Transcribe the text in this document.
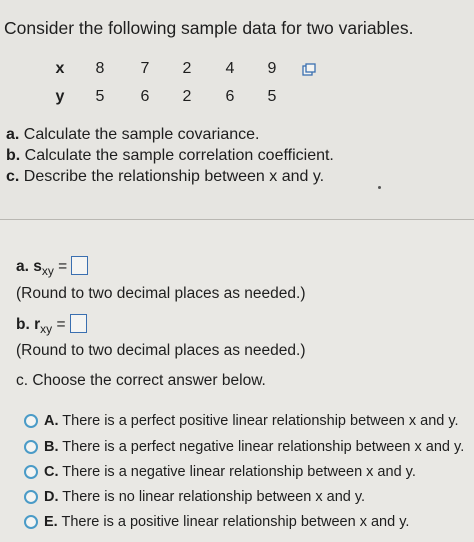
Consider the following sample data for two variables.
x	8	7	2	4	9
y	5	6	2	6	5
a. Calculate the sample covariance.
b. Calculate the sample correlation coefficient.
c. Describe the relationship between x and y.
a. $s_{xy}$ =
(Round to two decimal places as needed.)
b. $r_{xy}$ =
(Round to two decimal places as needed.)
c. Choose the correct answer below.
A. There is a perfect positive linear relationship between x and y.
B. There is a perfect negative linear relationship between x and y.
C. There is a negative linear relationship between x and y.
D. There is no linear relationship between x and y.
E. There is a positive linear relationship between x and y.
